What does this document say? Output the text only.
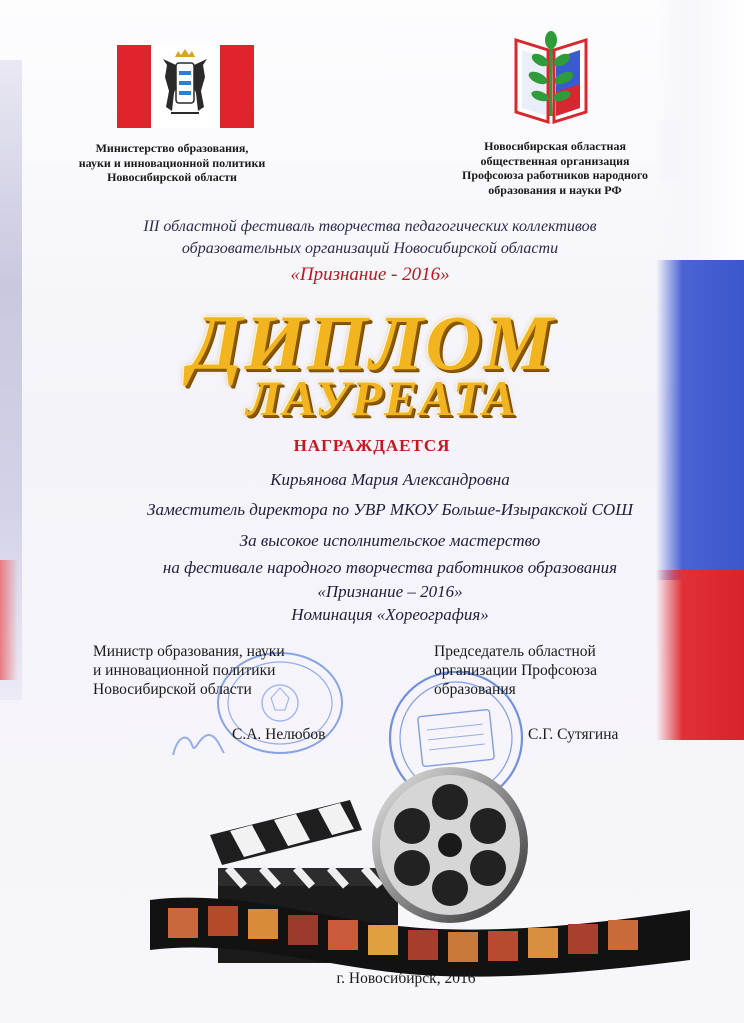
Министерство образования,
науки и инновационной политики
Новосибирской области
Новосибирская областная
общественная организация
Профсоюза работников народного
образования и науки РФ
III областной фестиваль творчества педагогических коллективов
образовательных организаций Новосибирской области
«Признание - 2016»
ДИПЛОМ
ЛАУРЕАТА
НАГРАЖДАЕТСЯ
Кирьянова Мария Александровна
Заместитель директора по УВР МКОУ Больше-Изыракской СОШ
За высокое исполнительское мастерство
на фестивале народного творчества работников образования
«Признание – 2016»
Номинация «Хореография»
Министр образования, науки
и инновационной политики
Новосибирской области
С.А. Нелюбов
Председатель областной
организации Профсоюза
образования
С.Г. Сутягина
г. Новосибирск, 2016
